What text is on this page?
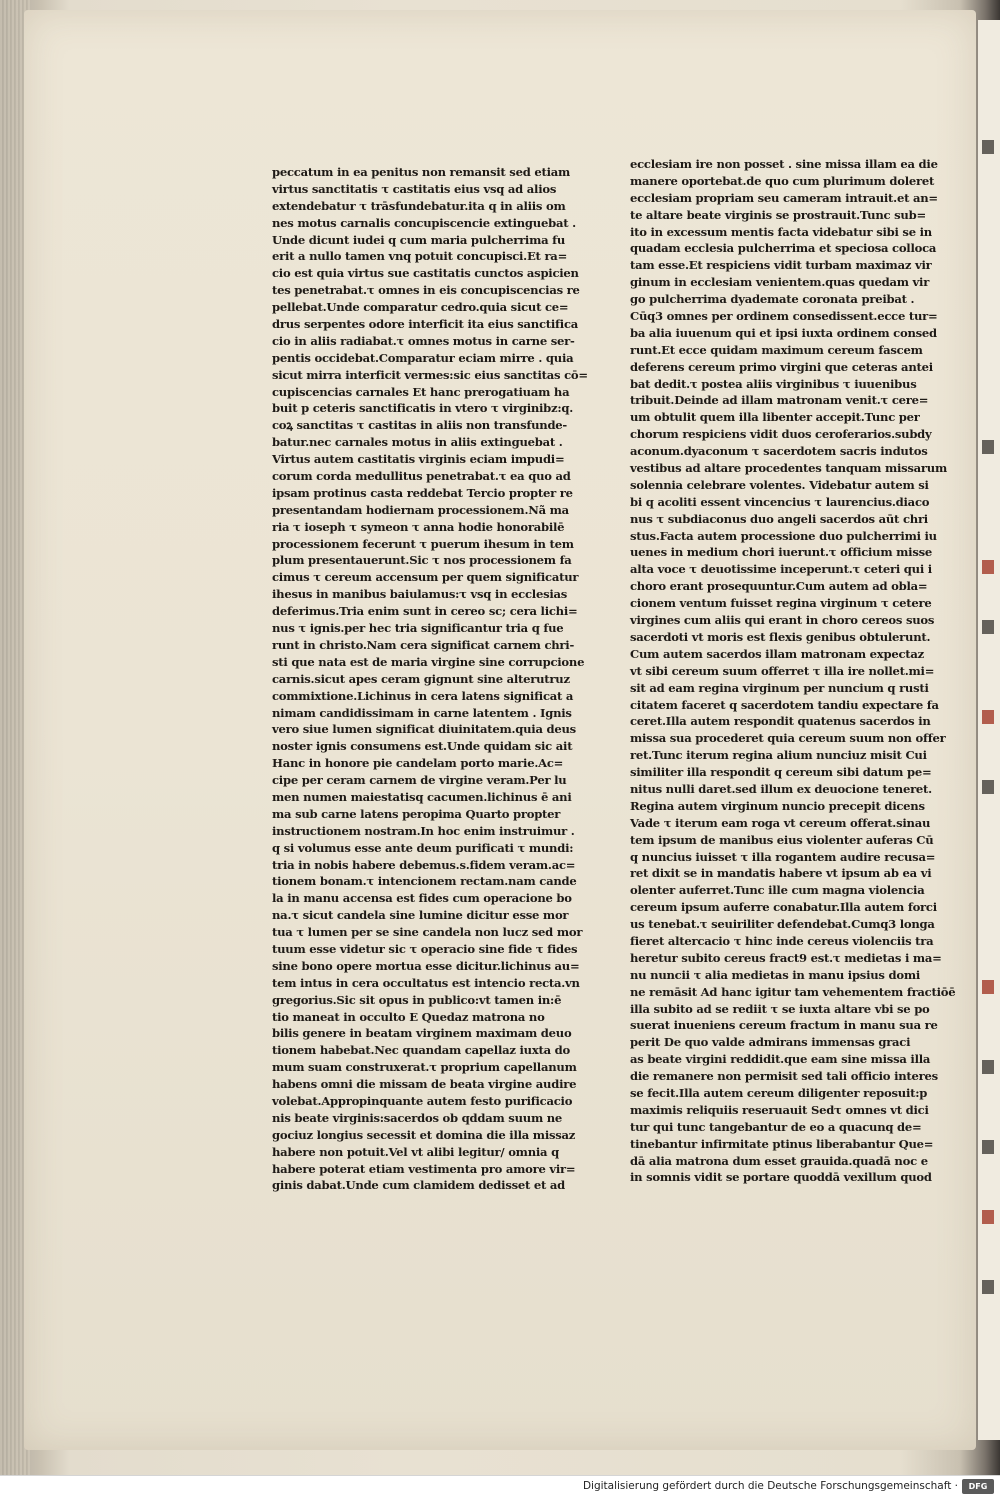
peccatum in ea penitus non remansit sed etiam
virtus sanctitatis τ castitatis eius vsq ad alios
extendebatur τ trāsfundebatur.ita q in aliis om
nes motus carnalis concupiscencie extinguebat .
Unde dicunt iudei q cum maria pulcherrima fu
erit a nullo tamen vnq potuit concupisci.Et ra=
cio est quia virtus sue castitatis cunctos aspicien
tes penetrabat.τ omnes in eis concupiscencias re
pellebat.Unde comparatur cedro.quia sicut ce=
drus serpentes odore interficit ita eius sanctifica
cio in aliis radiabat.τ omnes motus in carne ser-
pentis occidebat.Comparatur eciam mirre . quia
sicut mirra interficit vermes:sic eius sanctitas cō=
cupiscencias carnales Et hanc prerogatiuam ha
buit p ceteris sanctificatis in vtero τ virginibz:q.
coꝝ sanctitas τ castitas in aliis non transfunde-
batur.nec carnales motus in aliis extinguebat .
Virtus autem castitatis virginis eciam impudi=
corum corda medullitus penetrabat.τ ea quo ad
ipsam protinus casta reddebat Tercio propter re
presentandam hodiernam processionem.Nã ma
ria τ ioseph τ symeon τ anna hodie honorabilē
processionem fecerunt τ puerum ihesum in tem
plum presentauerunt.Sic τ nos processionem fa
cimus τ cereum accensum per quem significatur
ihesus in manibus baiulamus:τ vsq in ecclesias
deferimus.Tria enim sunt in cereo sc; cera lichi=
nus τ ignis.per hec tria significantur tria q fue
runt in christo.Nam cera significat carnem chri-
sti que nata est de maria virgine sine corrupcione
carnis.sicut apes ceram gignunt sine alterutruz
commixtione.Lichinus in cera latens significat a
nimam candidissimam in carne latentem . Ignis
vero siue lumen significat diuinitatem.quia deus
noster ignis consumens est.Unde quidam sic ait
Hanc in honore pie candelam porto marie.Ac=
cipe per ceram carnem de virgine veram.Per lu
men numen maiestatisq cacumen.lichinus ē ani
ma sub carne latens peropima Quarto propter
instructionem nostram.In hoc enim instruimur .
q si volumus esse ante deum purificati τ mundi:
tria in nobis habere debemus.s.fidem veram.ac=
tionem bonam.τ intencionem rectam.nam cande
la in manu accensa est fides cum operacione bo
na.τ sicut candela sine lumine dicitur esse mor
tua τ lumen per se sine candela non lucz sed mor
tuum esse videtur sic τ operacio sine fide τ fides
sine bono opere mortua esse dicitur.lichinus au=
tem intus in cera occultatus est intencio recta.vn
gregorius.Sic sit opus in publico:vt tamen in:ē
tio maneat in occulto E Quedaz matrona no
bilis genere in beatam virginem maximam deuo
tionem habebat.Nec quandam capellaz iuxta do
mum suam construxerat.τ proprium capellanum
habens omni die missam de beata virgine audire
volebat.Appropinquante autem festo purificacio
nis beate virginis:sacerdos ob qddam suum ne
gociuz longius secessit et domina die illa missaz
habere non potuit.Vel vt alibi legitur/ omnia q
habere poterat etiam vestimenta pro amore vir=
ginis dabat.Unde cum clamidem dedisset et ad
ecclesiam ire non posset . sine missa illam ea die
manere oportebat.de quo cum plurimum doleret
ecclesiam propriam seu cameram intrauit.et an=
te altare beate virginis se prostrauit.Tunc sub=
ito in excessum mentis facta videbatur sibi se in
quadam ecclesia pulcherrima et speciosa colloca
tam esse.Et respiciens vidit turbam maximaz vir
ginum in ecclesiam venientem.quas quedam vir
go pulcherrima dyademate coronata preibat .
Cūq3 omnes per ordinem consedissent.ecce tur=
ba alia iuuenum qui et ipsi iuxta ordinem consed
runt.Et ecce quidam maximum cereum fascem
deferens cereum primo virgini que ceteras antei
bat dedit.τ postea aliis virginibus τ iuuenibus
tribuit.Deinde ad illam matronam venit.τ cere=
um obtulit quem illa libenter accepit.Tunc per
chorum respiciens vidit duos ceroferarios.subdy
aconum.dyaconum τ sacerdotem sacris indutos
vestibus ad altare procedentes tanquam missarum
solennia celebrare volentes. Videbatur autem si
bi q acoliti essent vincencius τ laurencius.diaco
nus τ subdiaconus duo angeli sacerdos aūt chri
stus.Facta autem processione duo pulcherrimi iu
uenes in medium chori iuerunt.τ officium misse
alta voce τ deuotissime inceperunt.τ ceteri qui i
choro erant prosequuntur.Cum autem ad obla=
cionem ventum fuisset regina virginum τ cetere
virgines cum aliis qui erant in choro cereos suos
sacerdoti vt moris est flexis genibus obtulerunt.
Cum autem sacerdos illam matronam expectaz
vt sibi cereum suum offerret τ illa ire nollet.mi=
sit ad eam regina virginum per nuncium q rusti
citatem faceret q sacerdotem tandiu expectare fa
ceret.Illa autem respondit quatenus sacerdos in
missa sua procederet quia cereum suum non offer
ret.Tunc iterum regina alium nunciuz misit Cui
similiter illa respondit q cereum sibi datum pe=
nitus nulli daret.sed illum ex deuocione teneret.
Regina autem virginum nuncio precepit dicens
Vade τ iterum eam roga vt cereum offerat.sinau
tem ipsum de manibus eius violenter auferas Cū
q nuncius iuisset τ illa rogantem audire recusa=
ret dixit se in mandatis habere vt ipsum ab ea vi
olenter auferret.Tunc ille cum magna violencia
cereum ipsum auferre conabatur.Illa autem forci
us tenebat.τ seuiriliter defendebat.Cumq3 longa
fieret altercacio τ hinc inde cereus violenciis tra
heretur subito cereus fract9 est.τ medietas i ma=
nu nuncii τ alia medietas in manu ipsius domi
ne remāsit Ad hanc igitur tam vehementem fractiōē
illa subito ad se rediit τ se iuxta altare vbi se po
suerat inueniens cereum fractum in manu sua re
perit De quo valde admirans immensas graci
as beate virgini reddidit.que eam sine missa illa
die remanere non permisit sed tali officio interes
se fecit.Illa autem cereum diligenter reposuit:p
maximis reliquiis reseruauit Sedτ omnes vt dici
tur qui tunc tangebantur de eo a quacunq de=
tinebantur infirmitate ptinus liberabantur Que=
dā alia matrona dum esset grauida.quadā noc e
in somnis vidit se portare quoddā vexillum quod
Digitalisierung gefördert durch die Deutsche Forschungsgemeinschaft ·	DFG
